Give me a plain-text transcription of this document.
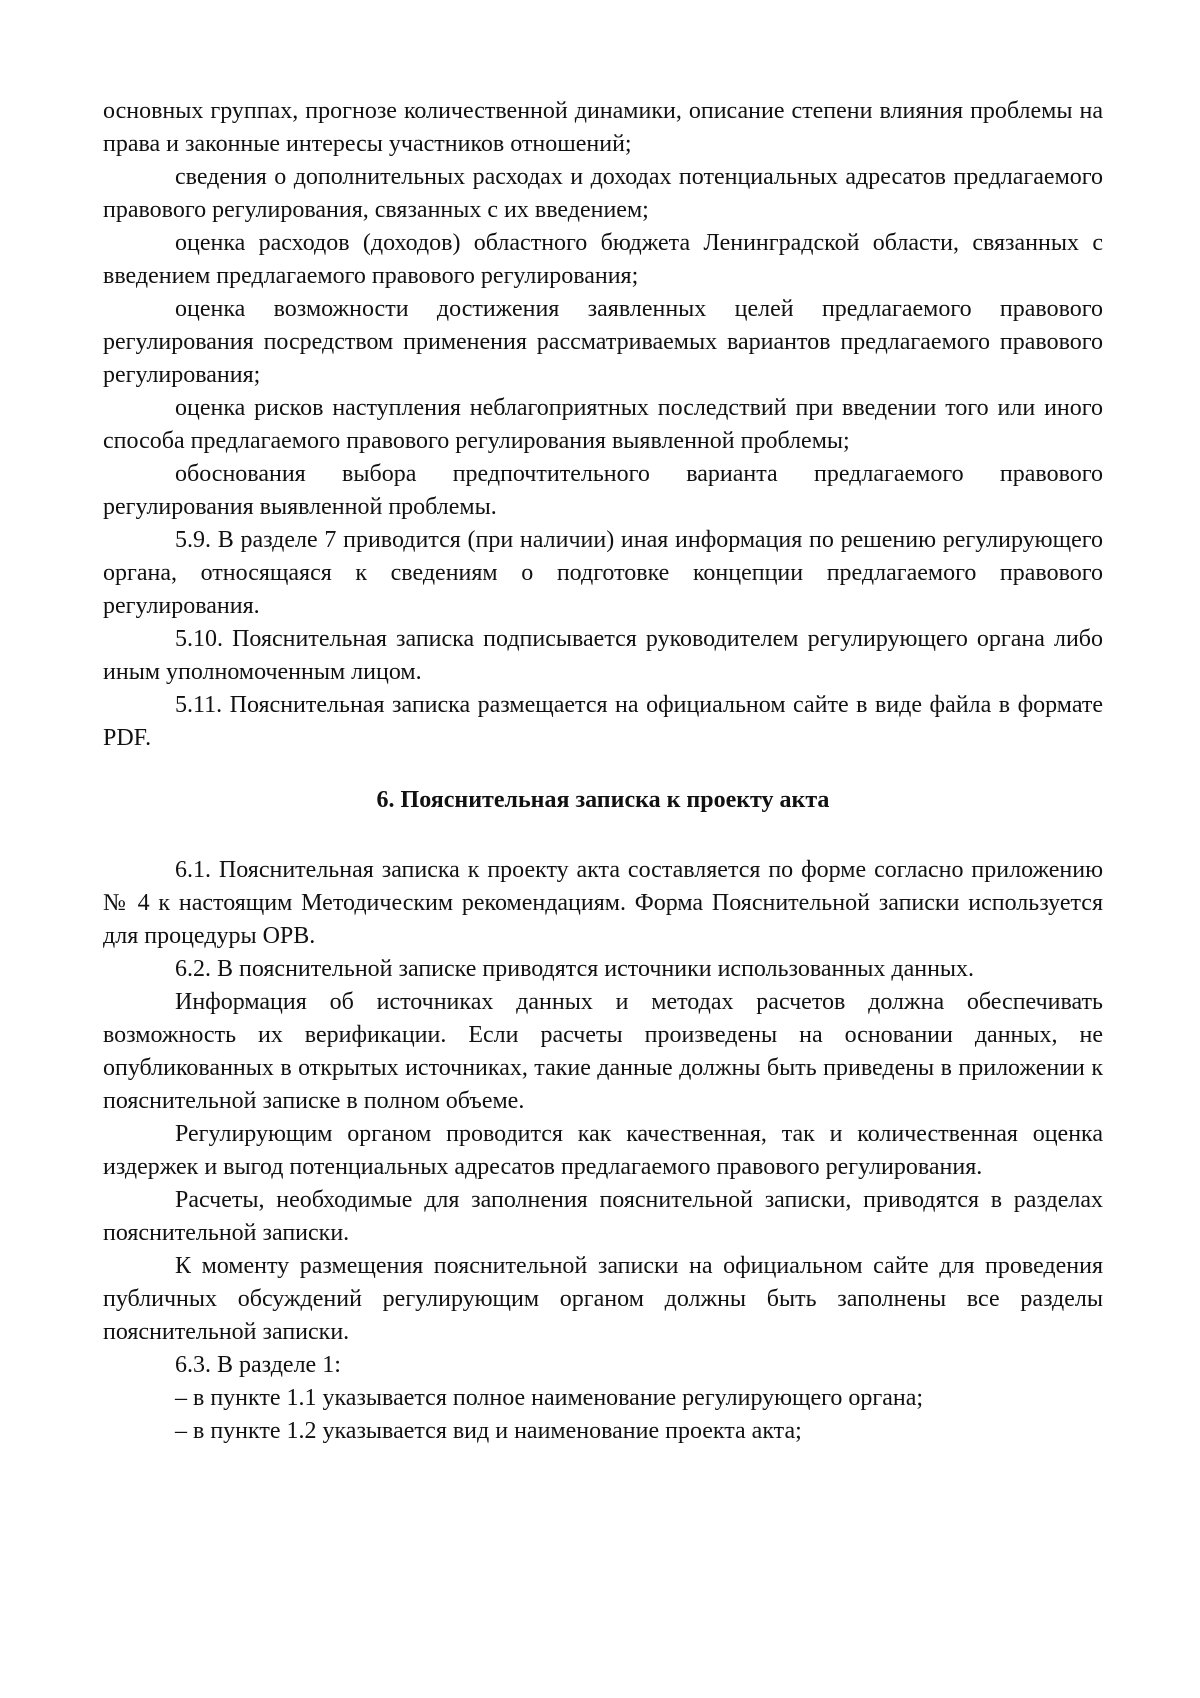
основных группах, прогнозе количественной динамики, описание степени влияния проблемы на права и законные интересы участников отношений;

сведения о дополнительных расходах и доходах потенциальных адресатов предлагаемого правового регулирования, связанных с их введением;

оценка расходов (доходов) областного бюджета Ленинградской области, связанных с введением предлагаемого правового регулирования;

оценка возможности достижения заявленных целей предлагаемого правового регулирования посредством применения рассматриваемых вариантов предлагаемого правового регулирования;

оценка рисков наступления неблагоприятных последствий при введении того или иного способа предлагаемого правового регулирования выявленной проблемы;

обоснования выбора предпочтительного варианта предлагаемого правового регулирования выявленной проблемы.

5.9. В разделе 7 приводится (при наличии) иная информация по решению регулирующего органа, относящаяся к сведениям о подготовке концепции предлагаемого правового регулирования.

5.10. Пояснительная записка подписывается руководителем регулирующего органа либо иным уполномоченным лицом.

5.11. Пояснительная записка размещается на официальном сайте в виде файла в формате PDF.

6. Пояснительная записка к проекту акта

6.1. Пояснительная записка к проекту акта составляется по форме согласно приложению № 4 к настоящим Методическим рекомендациям. Форма Пояснительной записки используется для процедуры ОРВ.

6.2. В пояснительной записке приводятся источники использованных данных.

Информация об источниках данных и методах расчетов должна обеспечивать возможность их верификации. Если расчеты произведены на основании данных, не опубликованных в открытых источниках, такие данные должны быть приведены в приложении к пояснительной записке в полном объеме.

Регулирующим органом проводится как качественная, так и количественная оценка издержек и выгод потенциальных адресатов предлагаемого правового регулирования.

Расчеты, необходимые для заполнения пояснительной записки, приводятся в разделах пояснительной записки.

К моменту размещения пояснительной записки на официальном сайте для проведения публичных обсуждений регулирующим органом должны быть заполнены все разделы пояснительной записки.

6.3. В разделе 1:

– в пункте 1.1 указывается полное наименование регулирующего органа;

– в пункте 1.2 указывается вид и наименование проекта акта;
